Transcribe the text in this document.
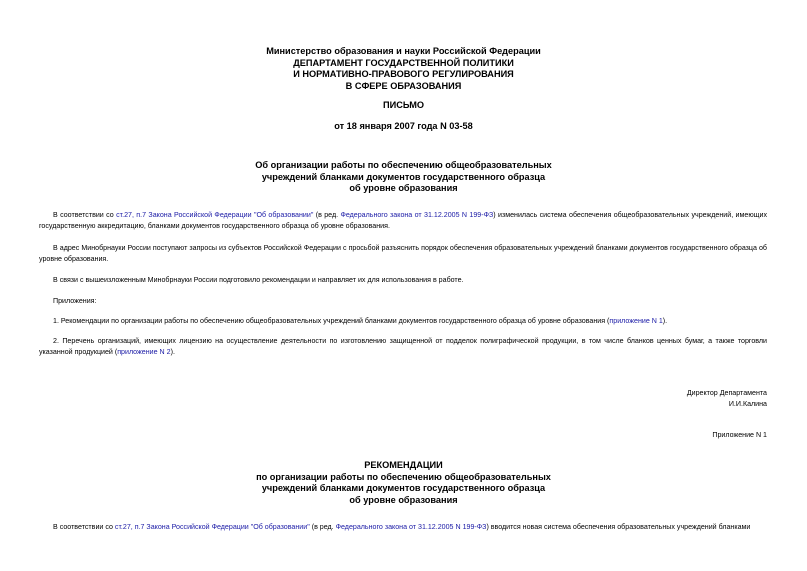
Министерство образования и науки Российской Федерации
ДЕПАРТАМЕНТ ГОСУДАРСТВЕННОЙ ПОЛИТИКИ
И НОРМАТИВНО-ПРАВОВОГО РЕГУЛИРОВАНИЯ
В СФЕРЕ ОБРАЗОВАНИЯ
ПИСЬМО
от 18 января 2007 года N 03-58
Об организации работы по обеспечению общеобразовательных
учреждений бланками документов государственного образца
об уровне образования
В соответствии со ст.27, п.7 Закона Российской Федерации "Об образовании" (в ред. Федерального закона от 31.12.2005 N 199-ФЗ) изменилась система обеспечения общеобразовательных учреждений, имеющих государственную аккредитацию, бланками документов государственного образца об уровне образования.
В адрес Минобрнауки России поступают запросы из субъектов Российской Федерации с просьбой разъяснить порядок обеспечения образовательных учреждений бланками документов государственного образца об уровне образования.
В связи с вышеизложенным Минобрнауки России подготовило рекомендации и направляет их для использования в работе.
Приложения:
1. Рекомендации по организации работы по обеспечению общеобразовательных учреждений бланками документов государственного образца об уровне образования (приложение N 1).
2. Перечень организаций, имеющих лицензию на осуществление деятельности по изготовлению защищенной от подделок полиграфической продукции, в том числе бланков ценных бумаг, а также торговли указанной продукцией (приложение N 2).
Директор Департамента
И.И.Калина
Приложение N 1
РЕКОМЕНДАЦИИ
по организации работы по обеспечению общеобразовательных
учреждений бланками документов государственного образца
об уровне образования
В соответствии со ст.27, п.7 Закона Российской Федерации "Об образовании" (в ред. Федерального закона от 31.12.2005 N 199-ФЗ) вводится новая система обеспечения образовательных учреждений бланками
